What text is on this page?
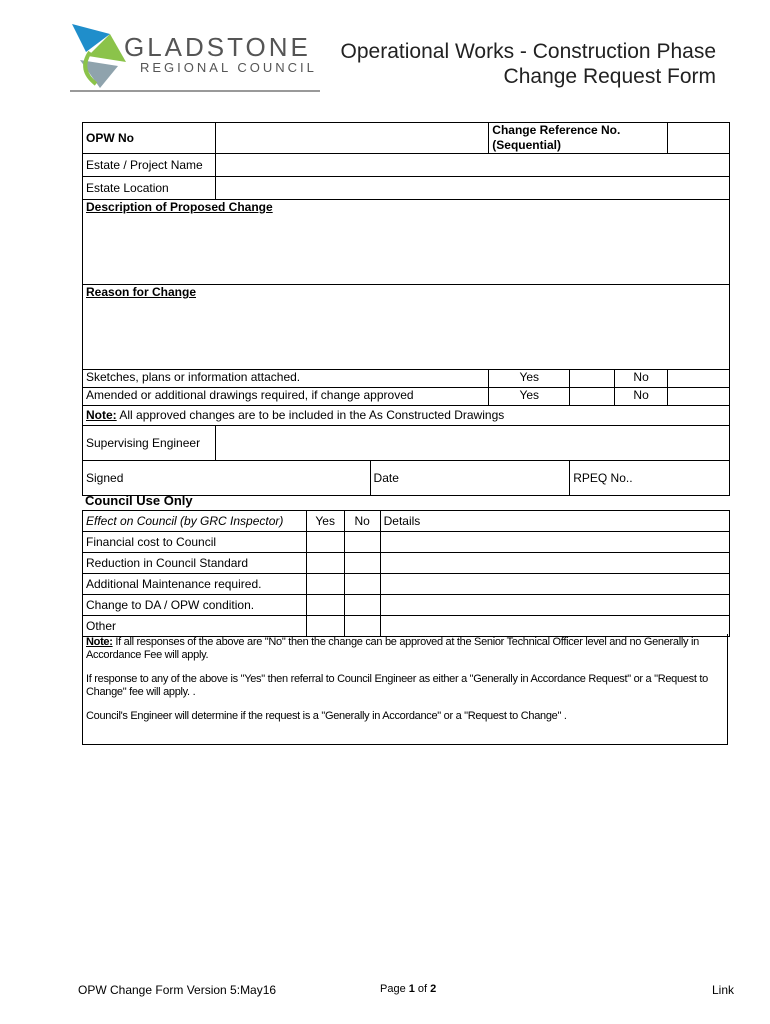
GLADSTONE
REGIONAL COUNCIL
Operational Works - Construction Phase
Change Request Form
OPW No			Change Reference No. (Sequential)			
Estate / Project Name						
Estate Location						
Description of Proposed Change						
Reason for Change						
Sketches, plans or information attached.			Yes		No	
Amended or additional drawings required, if change approved			Yes		No	
Note: All approved changes are to be included in the As Constructed Drawings						
Supervising Engineer						
Signed		Date		RPEQ No..		
Council Use Only
Effect on Council (by GRC Inspector)	Yes	No	Details
Financial cost to Council			
Reduction in Council Standard			
Additional Maintenance required.			
Change to DA / OPW condition.			
Other			

Note: If all responses of the above are "No" then the change can be approved at the Senior Technical Officer level and no Generally in Accordance Fee will apply.

If response to any of the above is "Yes" then referral to Council Engineer as either a "Generally in Accordance Request" or a "Request to Change" fee will apply. .

Council's Engineer will determine if the request is a "Generally in Accordance" or a "Request to Change" .

OPW Change Form Version 5:May16	Page 1 of 2	Link
